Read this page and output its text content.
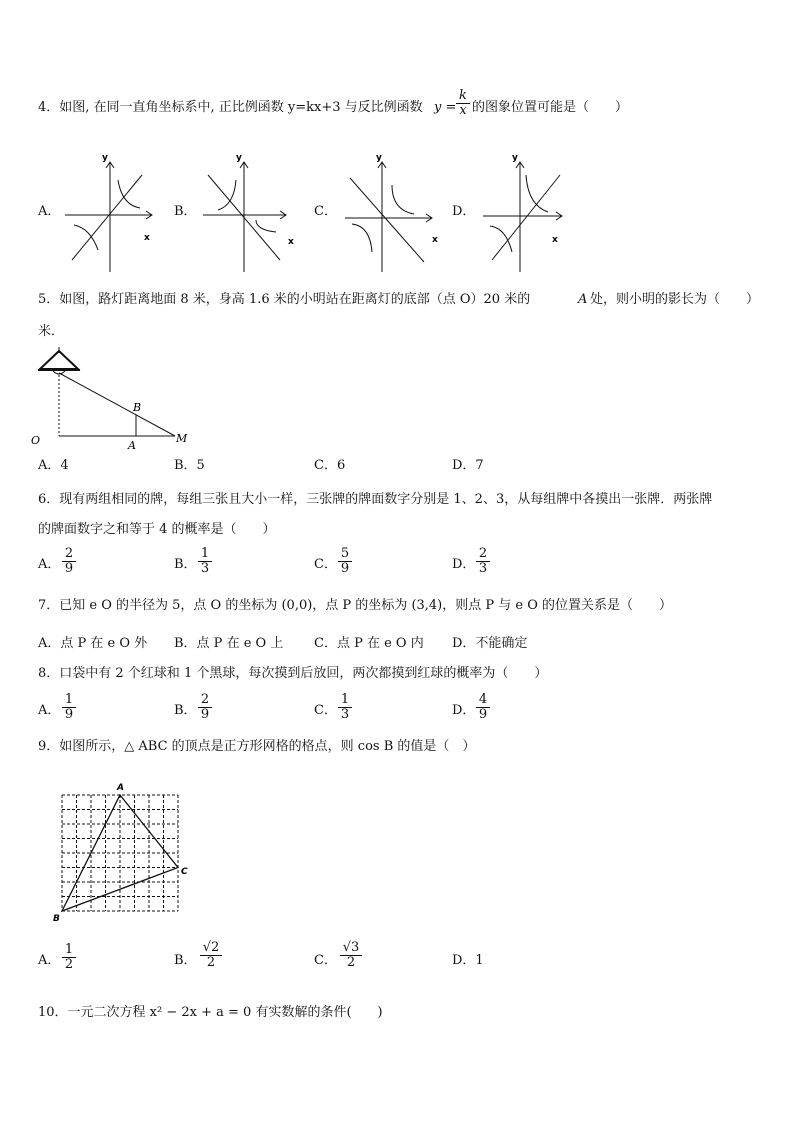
4．如图, 在同一直角坐标系中, 正比例函数 y=kx+3 与反比例函数 y =
k
x 的图象位置可能是（　　）
A．	B．	C．	D．
y
x
y
x
y
x
y
x
5．如图，路灯距离地面 8 米，身高 1.6 米的小明站在距离灯的底部（点 O）20 米的	A 处，则小明的影长为（　　）
米．
O	A
B
M
A．4	B．5	C．6	D．7
6．现有两组相同的牌，每组三张且大小一样，三张牌的牌面数字分别是 1、2、3，从每组牌中各摸出一张牌．两张牌
的牌面数字之和等于 4 的概率是（　　）
A．
2
9	B．
1
3	C．
5
9	D．
2
3
7．已知 e O 的半径为 5，点 O 的坐标为 (0,0)，点 P 的坐标为 (3,4)，则点 P 与 e O 的位置关系是（　　）
A．点 P 在 e O 外 B．点 P 在 e O 上 C．点 P 在 e O 内 D．不能确定
8．口袋中有 2 个红球和 1 个黑球，每次摸到后放回，两次都摸到红球的概率为（　　）
A．
1
9	B．
2
9	C．
1
3	D．
4
9
9．如图所示，△ ABC 的顶点是正方形网格的格点，则 cos B 的值是（　）
A
C
B
A．
1
2	B．
√2
2	C．
√3
2	D．1
10．一元二次方程 x² − 2x + a = 0 有实数解的条件(　　)
